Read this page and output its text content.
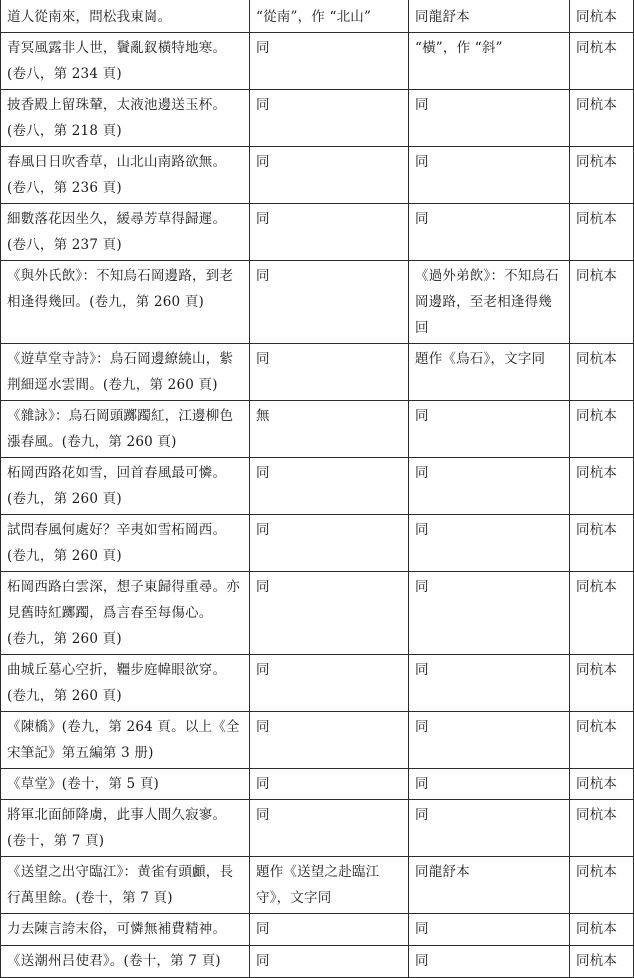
道人從南來，問松我東崗。	“從南”，作 “北山”	同龍舒本	同杭本
青冥風露非人世，鬢亂釵橫特地寒。
(卷八，第 234 頁)	同	“橫”，作 “斜”	同杭本
披香殿上留珠輦，太液池邊送玉杯。
(卷八，第 218 頁)	同	同	同杭本
春風日日吹香草，山北山南路欲無。
(卷八，第 236 頁)	同	同	同杭本
細數落花因坐久，緩尋芳草得歸遲。
(卷八，第 237 頁)	同	同	同杭本
《與外氏飲》：不知烏石岡邊路，到老相逢得幾回。(卷九，第 260 頁)	同	《過外弟飲》：不知烏石岡邊路，至老相逢得幾回	同杭本
《遊草堂寺詩》：烏石岡邊繚繞山，紫荆細逕水雲間。(卷九，第 260 頁)	同	題作《烏石》，文字同	同杭本
《雜詠》：烏石岡頭躑躅紅，江邊柳色漲春風。(卷九，第 260 頁)	無	同	同杭本
柘岡西路花如雪，回首春風最可憐。
(卷九，第 260 頁)	同	同	同杭本
試問春風何處好？辛夷如雪柘岡西。
(卷九，第 260 頁)	同	同	同杭本
柘岡西路白雲深，想子東歸得重尋。亦見舊時紅躑躅，爲言春至每傷心。
(卷九，第 260 頁)	同	同	同杭本
曲城丘墓心空折，韁步庭幃眼欲穿。
(卷九，第 260 頁)	同	同	同杭本
《陳橋》(卷九，第 264 頁。以上《全宋筆記》第五編第 3 册)	同	同	同杭本
《草堂》(卷十，第 5 頁)	同	同	同杭本
將軍北面師降虜，此事人間久寂寥。
(卷十，第 7 頁)	同	同	同杭本
《送望之出守臨江》：黄雀有頭顱，長行萬里餘。(卷十，第 7 頁)	題作《送望之赴臨江守》，文字同	同龍舒本	同杭本
力去陳言誇末俗，可憐無補費精神。	同	同	同杭本
《送潮州吕使君》。(卷十，第 7 頁)	同	同	同杭本
